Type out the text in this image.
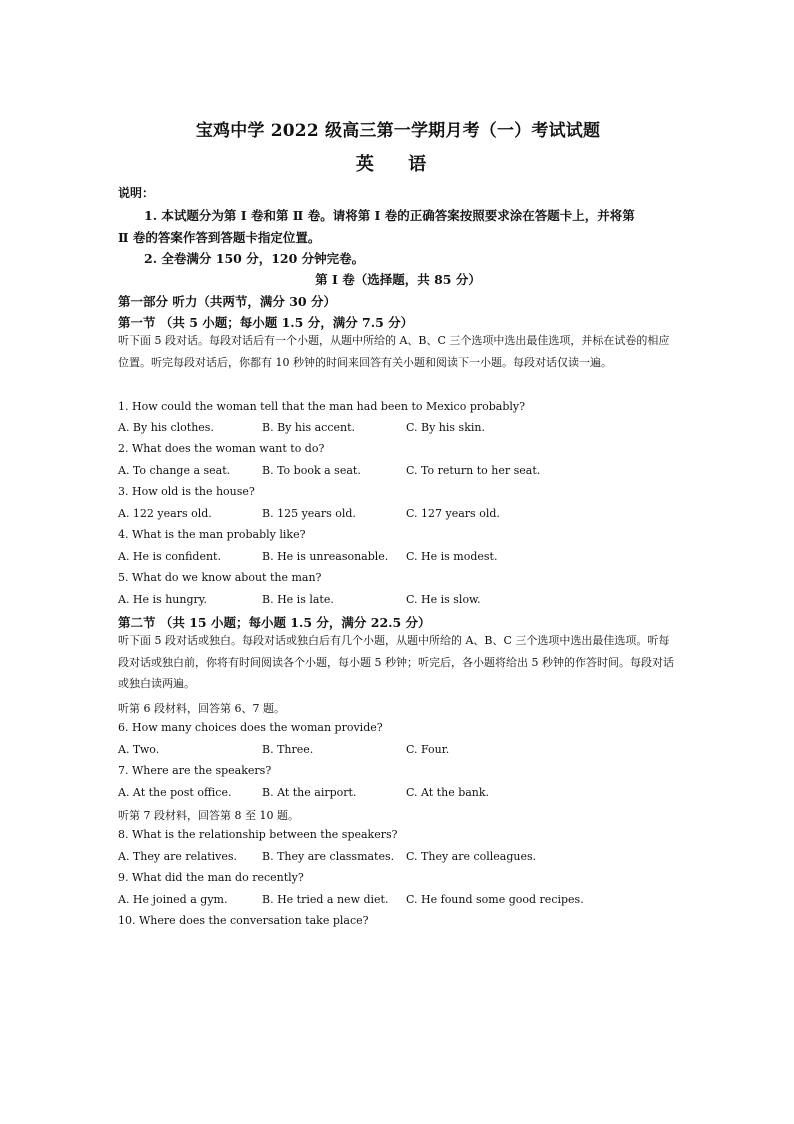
宝鸡中学 2022 级高三第一学期月考（一）考试试题
英 语
说明：
1. 本试题分为第 Ⅰ 卷和第 Ⅱ 卷。请将第 Ⅰ 卷的正确答案按照要求涂在答题卡上，并将第
Ⅱ 卷的答案作答到答题卡指定位置。
2. 全卷满分 150 分，120 分钟完卷。
第 Ⅰ 卷（选择题，共 85 分）
第一部分 听力（共两节，满分 30 分）
第一节 （共 5 小题；每小题 1.5 分，满分 7.5 分）
听下面 5 段对话。每段对话后有一个小题，从题中所给的 A、B、C 三个选项中选出最佳选项，并标在试卷的相应位置。听完每段对话后，你都有 10 秒钟的时间来回答有关小题和阅读下一小题。每段对话仅读一遍。
1. How could the woman tell that the man had been to Mexico probably?
A. By his clothes.	B. By his accent.	C. By his skin.
2. What does the woman want to do?
A. To change a seat.	B. To book a seat.	C. To return to her seat.
3. How old is the house?
A. 122 years old.	B. 125 years old.	C. 127 years old.
4. What is the man probably like?
A. He is confident.	B. He is unreasonable.	C. He is modest.
5. What do we know about the man?
A. He is hungry.	B. He is late.	C. He is slow.
第二节 （共 15 小题；每小题 1.5 分，满分 22.5 分）
听下面 5 段对话或独白。每段对话或独白后有几个小题，从题中所给的 A、B、C 三个选项中选出最佳选项。听每段对话或独白前，你将有时间阅读各个小题，每小题 5 秒钟；听完后，各小题将给出 5 秒钟的作答时间。每段对话或独白读两遍。
听第 6 段材料，回答第 6、7 题。
6. How many choices does the woman provide?
A. Two.	B. Three.	C. Four.
7. Where are the speakers?
A. At the post office.	B. At the airport.	C. At the bank.
听第 7 段材料，回答第 8 至 10 题。
8. What is the relationship between the speakers?
A. They are relatives.	B. They are classmates.	C. They are colleagues.
9. What did the man do recently?
A. He joined a gym.	B. He tried a new diet.	C. He found some good recipes.
10. Where does the conversation take place?
